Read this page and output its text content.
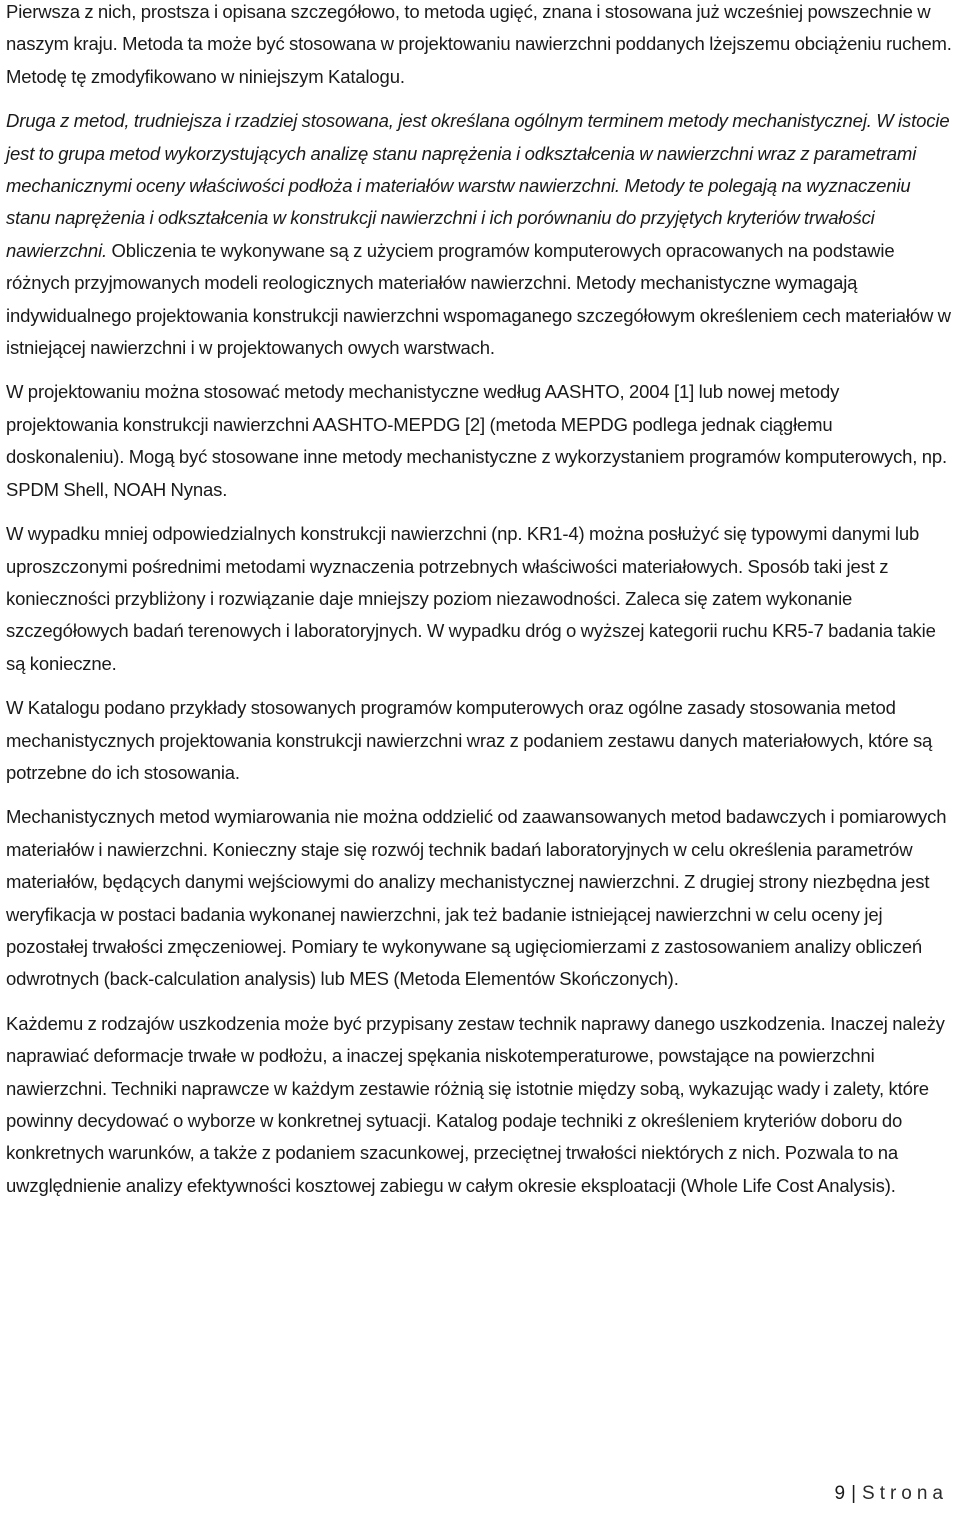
Pierwsza z nich, prostsza i opisana szczegółowo, to metoda ugięć, znana i stosowana już wcześniej powszechnie w naszym kraju. Metoda ta może być stosowana w projektowaniu nawierzchni poddanych lżejszemu obciążeniu ruchem. Metodę tę zmodyfikowano w niniejszym Katalogu.

Druga z metod, trudniejsza i rzadziej stosowana, jest określana ogólnym terminem metody mechanistycznej. W istocie jest to grupa metod wykorzystujących analizę stanu naprężenia i odkształcenia w nawierzchni wraz z parametrami mechanicznymi oceny właściwości podłoża i materiałów warstw nawierzchni. Metody te polegają na wyznaczeniu stanu naprężenia i odkształcenia w konstrukcji nawierzchni i ich porównaniu do przyjętych kryteriów trwałości nawierzchni. Obliczenia te wykonywane są z użyciem programów komputerowych opracowanych na podstawie różnych przyjmowanych modeli reologicznych materiałów nawierzchni. Metody mechanistyczne wymagają indywidualnego projektowania konstrukcji nawierzchni wspomaganego szczegółowym określeniem cech materiałów w istniejącej nawierzchni i w projektowanych owych warstwach.

W projektowaniu można stosować metody mechanistyczne według AASHTO, 2004 [1] lub nowej metody projektowania konstrukcji nawierzchni AASHTO-MEPDG [2] (metoda MEPDG podlega jednak ciągłemu doskonaleniu). Mogą być stosowane inne metody mechanistyczne z wykorzystaniem programów komputerowych, np. SPDM Shell, NOAH Nynas.

W wypadku mniej odpowiedzialnych konstrukcji nawierzchni (np. KR1-4) można posłużyć się typowymi danymi lub uproszczonymi pośrednimi metodami wyznaczenia potrzebnych właściwości materiałowych. Sposób taki jest z konieczności przybliżony i rozwiązanie daje mniejszy poziom niezawodności. Zaleca się zatem wykonanie szczegółowych badań terenowych i laboratoryjnych. W wypadku dróg o wyższej kategorii ruchu KR5-7 badania takie są konieczne.

W Katalogu podano przykłady stosowanych programów komputerowych oraz ogólne zasady stosowania metod mechanistycznych projektowania konstrukcji nawierzchni wraz z podaniem zestawu danych materiałowych, które są potrzebne do ich stosowania.

Mechanistycznych metod wymiarowania nie można oddzielić od zaawansowanych metod badawczych i pomiarowych materiałów i nawierzchni. Konieczny staje się rozwój technik badań laboratoryjnych w celu określenia parametrów materiałów, będących danymi wejściowymi do analizy mechanistycznej nawierzchni. Z drugiej strony niezbędna jest weryfikacja w postaci badania wykonanej nawierzchni, jak też badanie istniejącej nawierzchni w celu oceny jej pozostałej trwałości zmęczeniowej. Pomiary te wykonywane są ugięciomierzami z zastosowaniem analizy obliczeń odwrotnych (back-calculation analysis) lub MES (Metoda Elementów Skończonych).

Każdemu z rodzajów uszkodzenia może być przypisany zestaw technik naprawy danego uszkodzenia. Inaczej należy naprawiać deformacje trwałe w podłożu, a inaczej spękania niskotemperaturowe, powstające na powierzchni nawierzchni. Techniki naprawcze w każdym zestawie różnią się istotnie między sobą, wykazując wady i zalety, które powinny decydować o wyborze w konkretnej sytuacji. Katalog podaje techniki z określeniem kryteriów doboru do konkretnych warunków, a także z podaniem szacunkowej, przeciętnej trwałości niektórych z nich. Pozwala to na uwzględnienie analizy efektywności kosztowej zabiegu w całym okresie eksploatacji (Whole Life Cost Analysis).

9 | Strona
